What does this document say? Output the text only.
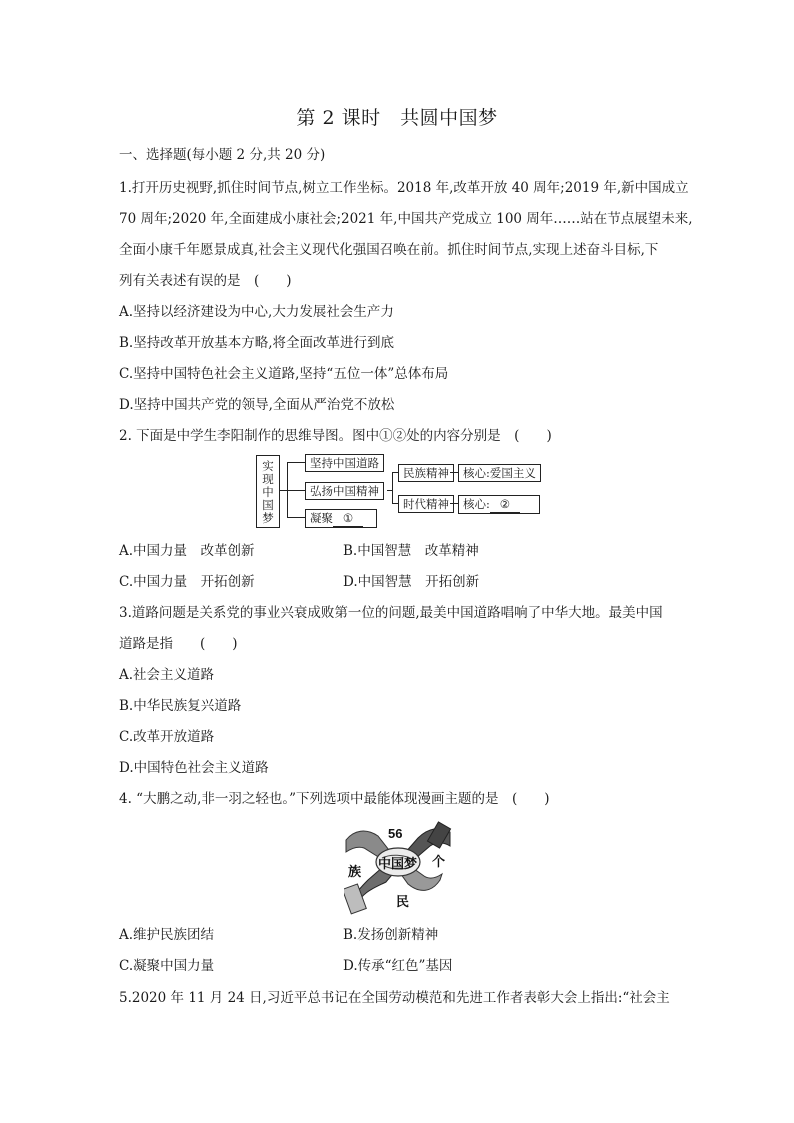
第 2 课时　共圆中国梦
一、选择题(每小题 2 分,共 20 分)
1.打开历史视野,抓住时间节点,树立工作坐标。2018 年,改革开放 40 周年;2019 年,新中国成立
70 周年;2020 年,全面建成小康社会;2021 年,中国共产党成立 100 周年……站在节点展望未来,
全面小康千年愿景成真,社会主义现代化强国召唤在前。抓住时间节点,实现上述奋斗目标,下
列有关表述有误的是　(　　)
A.坚持以经济建设为中心,大力发展社会生产力
B.坚持改革开放基本方略,将全面改革进行到底
C.坚持中国特色社会主义道路,坚持“五位一体”总体布局
D.坚持中国共产党的领导,全面从严治党不放松
2. 下面是中学生李阳制作的思维导图。图中①②处的内容分别是　(　　)
实
现
中
国
梦
坚持中国道路
弘扬中国精神
凝聚 ①
民族精神
时代精神
核心:爱国主义
核心: ②
A.中国力量　改革创新	B.中国智慧　改革精神
C.中国力量　开拓创新	D.中国智慧　开拓创新
3.道路问题是关系党的事业兴衰成败第一位的问题,最美中国道路唱响了中华大地。最美中国
道路是指　　(　　)
A.社会主义道路
B.中华民族复兴道路
C.改革开放道路
D.中国特色社会主义道路
4. “大鹏之动,非一羽之轻也。”下列选项中最能体现漫画主题的是　(　　)
56
中国梦 个
族
民
A.维护民族团结	B.发扬创新精神
C.凝聚中国力量	D.传承“红色”基因
5.2020 年 11 月 24 日,习近平总书记在全国劳动模范和先进工作者表彰大会上指出:“社会主
